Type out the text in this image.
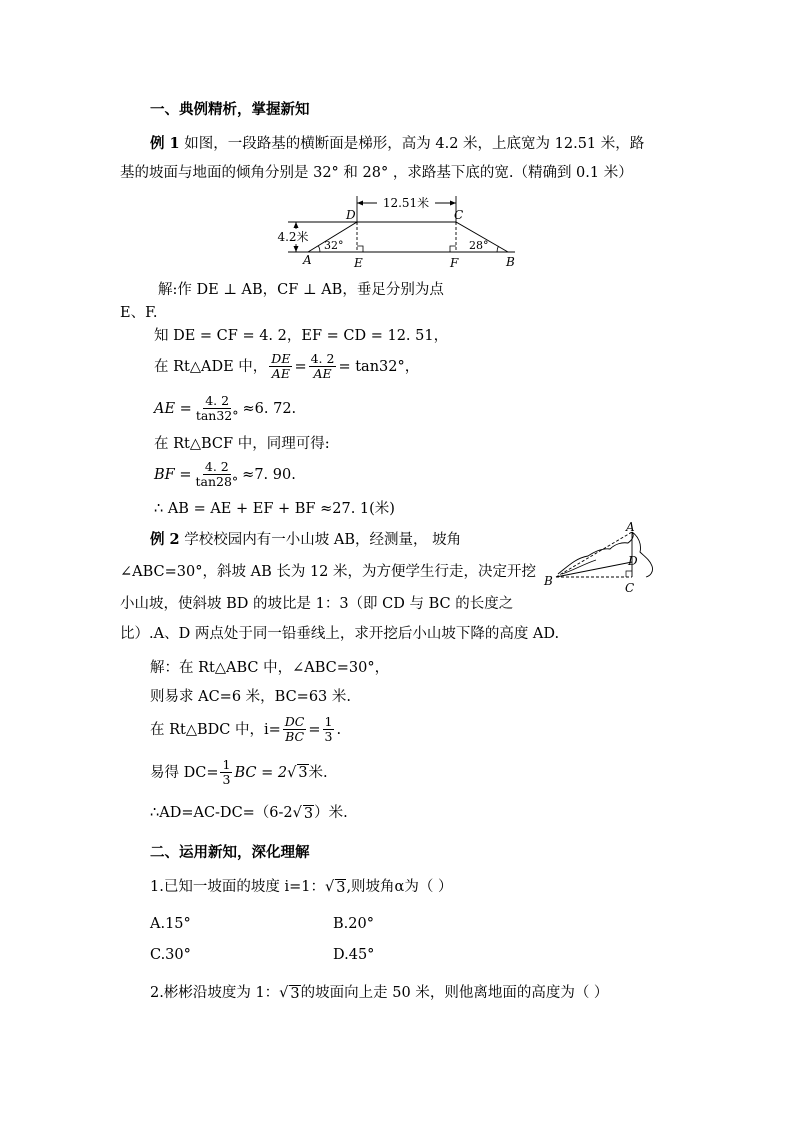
一、典例精析，掌握新知
例 1 如图，一段路基的横断面是梯形，高为 4.2 米，上底宽为 12.51 米，路
基的坡面与地面的倾角分别是 32° 和 28° ，求路基下底的宽.（精确到 0.1 米）
12.51米
4.2米
32°	28°
A	E	F	B
D	C
解:作 DE ⊥ AB，CF ⊥ AB，垂足分别为点
E、F.
知 DE = CF = 4. 2，EF = CD = 12. 51，
在 Rt△ADE 中， $\frac{DE}{AE} = \frac{4. 2}{AE} = \tan 32^\circ$，
AE = $\frac{4. 2}{\tan 32^\circ} \approx 6$. 72.
在 Rt△BCF 中，同理可得:
BF = $\frac{4. 2}{\tan 28^\circ} \approx 7$. 90.
∴ AB = AE + EF + BF ≈27. 1(米)
例 2 学校校园内有一小山坡 AB，经测量， 坡角
∠ABC=30°，斜坡 AB 长为 12 米，为方便学生行走，决定开挖
小山坡，使斜坡 BD 的坡比是 1：3（即 CD 与 BC 的长度之
比）.A、D 两点处于同一铅垂线上，求开挖后小山坡下降的高度 AD.
A
D
B	C
解：在 Rt△ABC 中，∠ABC=30°，
则易求 AC=6 米，BC=63 米.
在 Rt△BDC 中，$i= \frac{DC}{BC} = \frac{1}{3}$ .
易得 $DC= \frac{1}{3}$ BC = 2 √ 3 米.
∴AD=AC-DC=（6-2 √ 3 ）米.
二、运用新知，深化理解
1.已知一坡面的坡度 i=1： √ 3 ,则坡角α为（ ）
A.15°	B.20°
C.30°	D.45°
2.彬彬沿坡度为 1： √ 3 的坡面向上走 50 米，则他离地面的高度为（ ）
